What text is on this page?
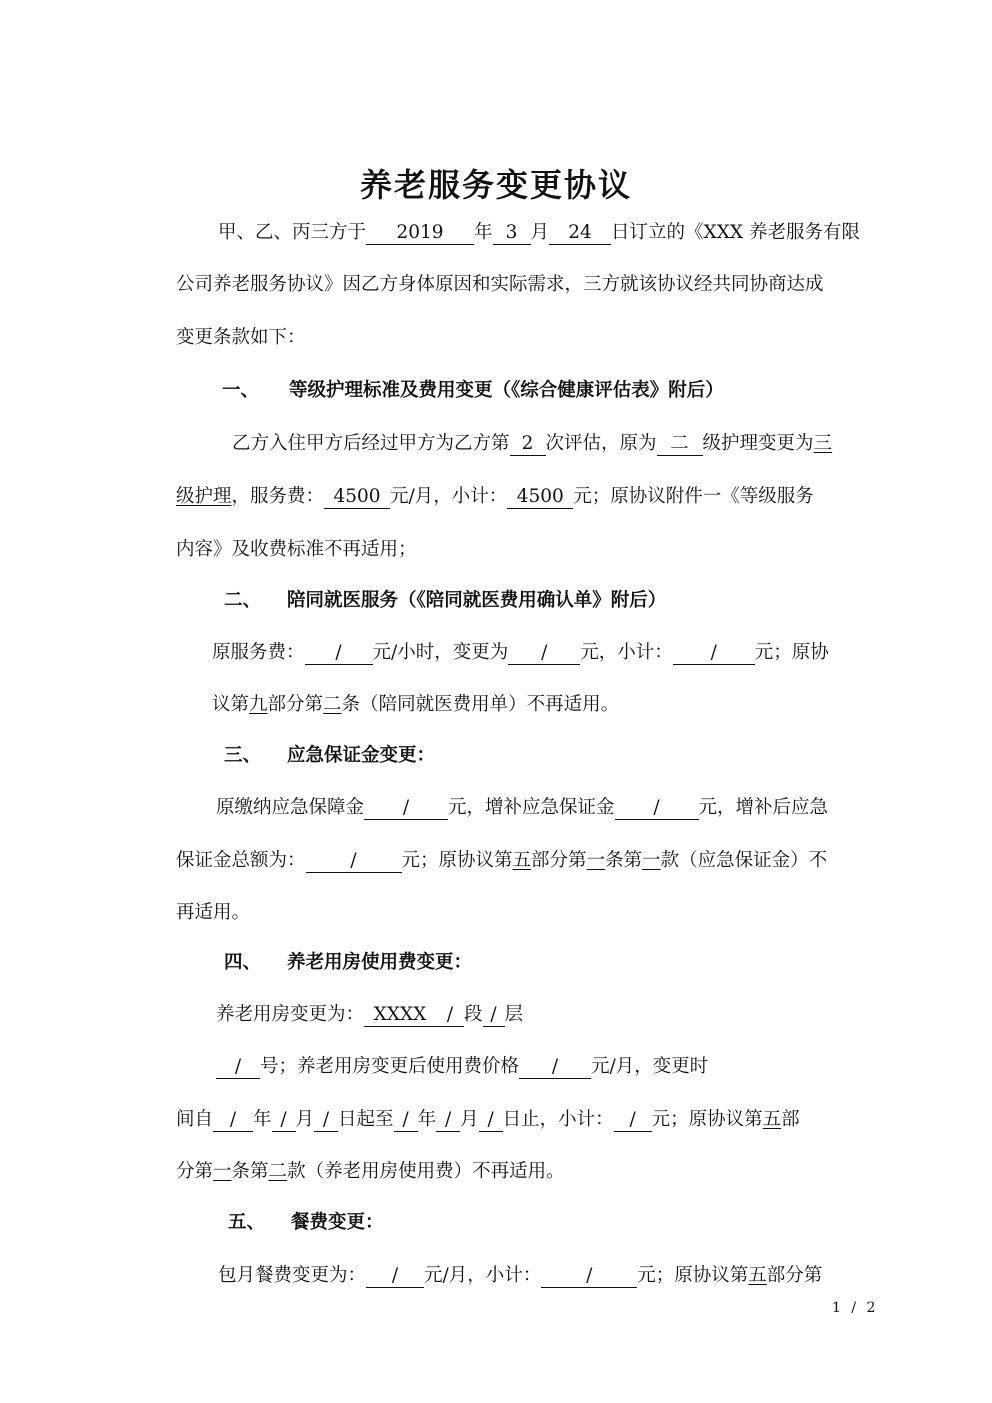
养老服务变更协议
甲、乙、丙三方于 2019 年 3 月 24 日订立的《XXX 养老服务有限
公司养老服务协议》因乙方身体原因和实际需求，三方就该协议经共同协商达成
变更条款如下：
一、 等级护理标准及费用变更（《综合健康评估表》附后）
乙方入住甲方后经过甲方为乙方第 2 次评估，原为 二 级护理变更为三
级护理，服务费： 4500 元/月，小计： 4500 元；原协议附件一《等级服务
内容》及收费标准不再适用；
二、 陪同就医服务（《陪同就医费用确认单》附后）
原服务费： / 元/小时，变更为 / 元，小计： / 元；原协
议第九部分第二条（陪同就医费用单）不再适用。
三、 应急保证金变更：
原缴纳应急保障金 / 元，增补应急保证金 / 元，增补后应急
保证金总额为： / 元；原协议第五部分第一条第一款（应急保证金）不
再适用。
四、 养老用房使用费变更：
养老用房变更为： XXXX / 段 / 层
/ 号；养老用房变更后使用费价格 / 元/月，变更时
间自 / 年 / 月 / 日起至 / 年 / 月 / 日止，小计： / 元；原协议第五部
分第一条第二款（养老用房使用费）不再适用。
五、 餐费变更：
包月餐费变更为： / 元/月，小计： / 元；原协议第五部分第
1 / 2
